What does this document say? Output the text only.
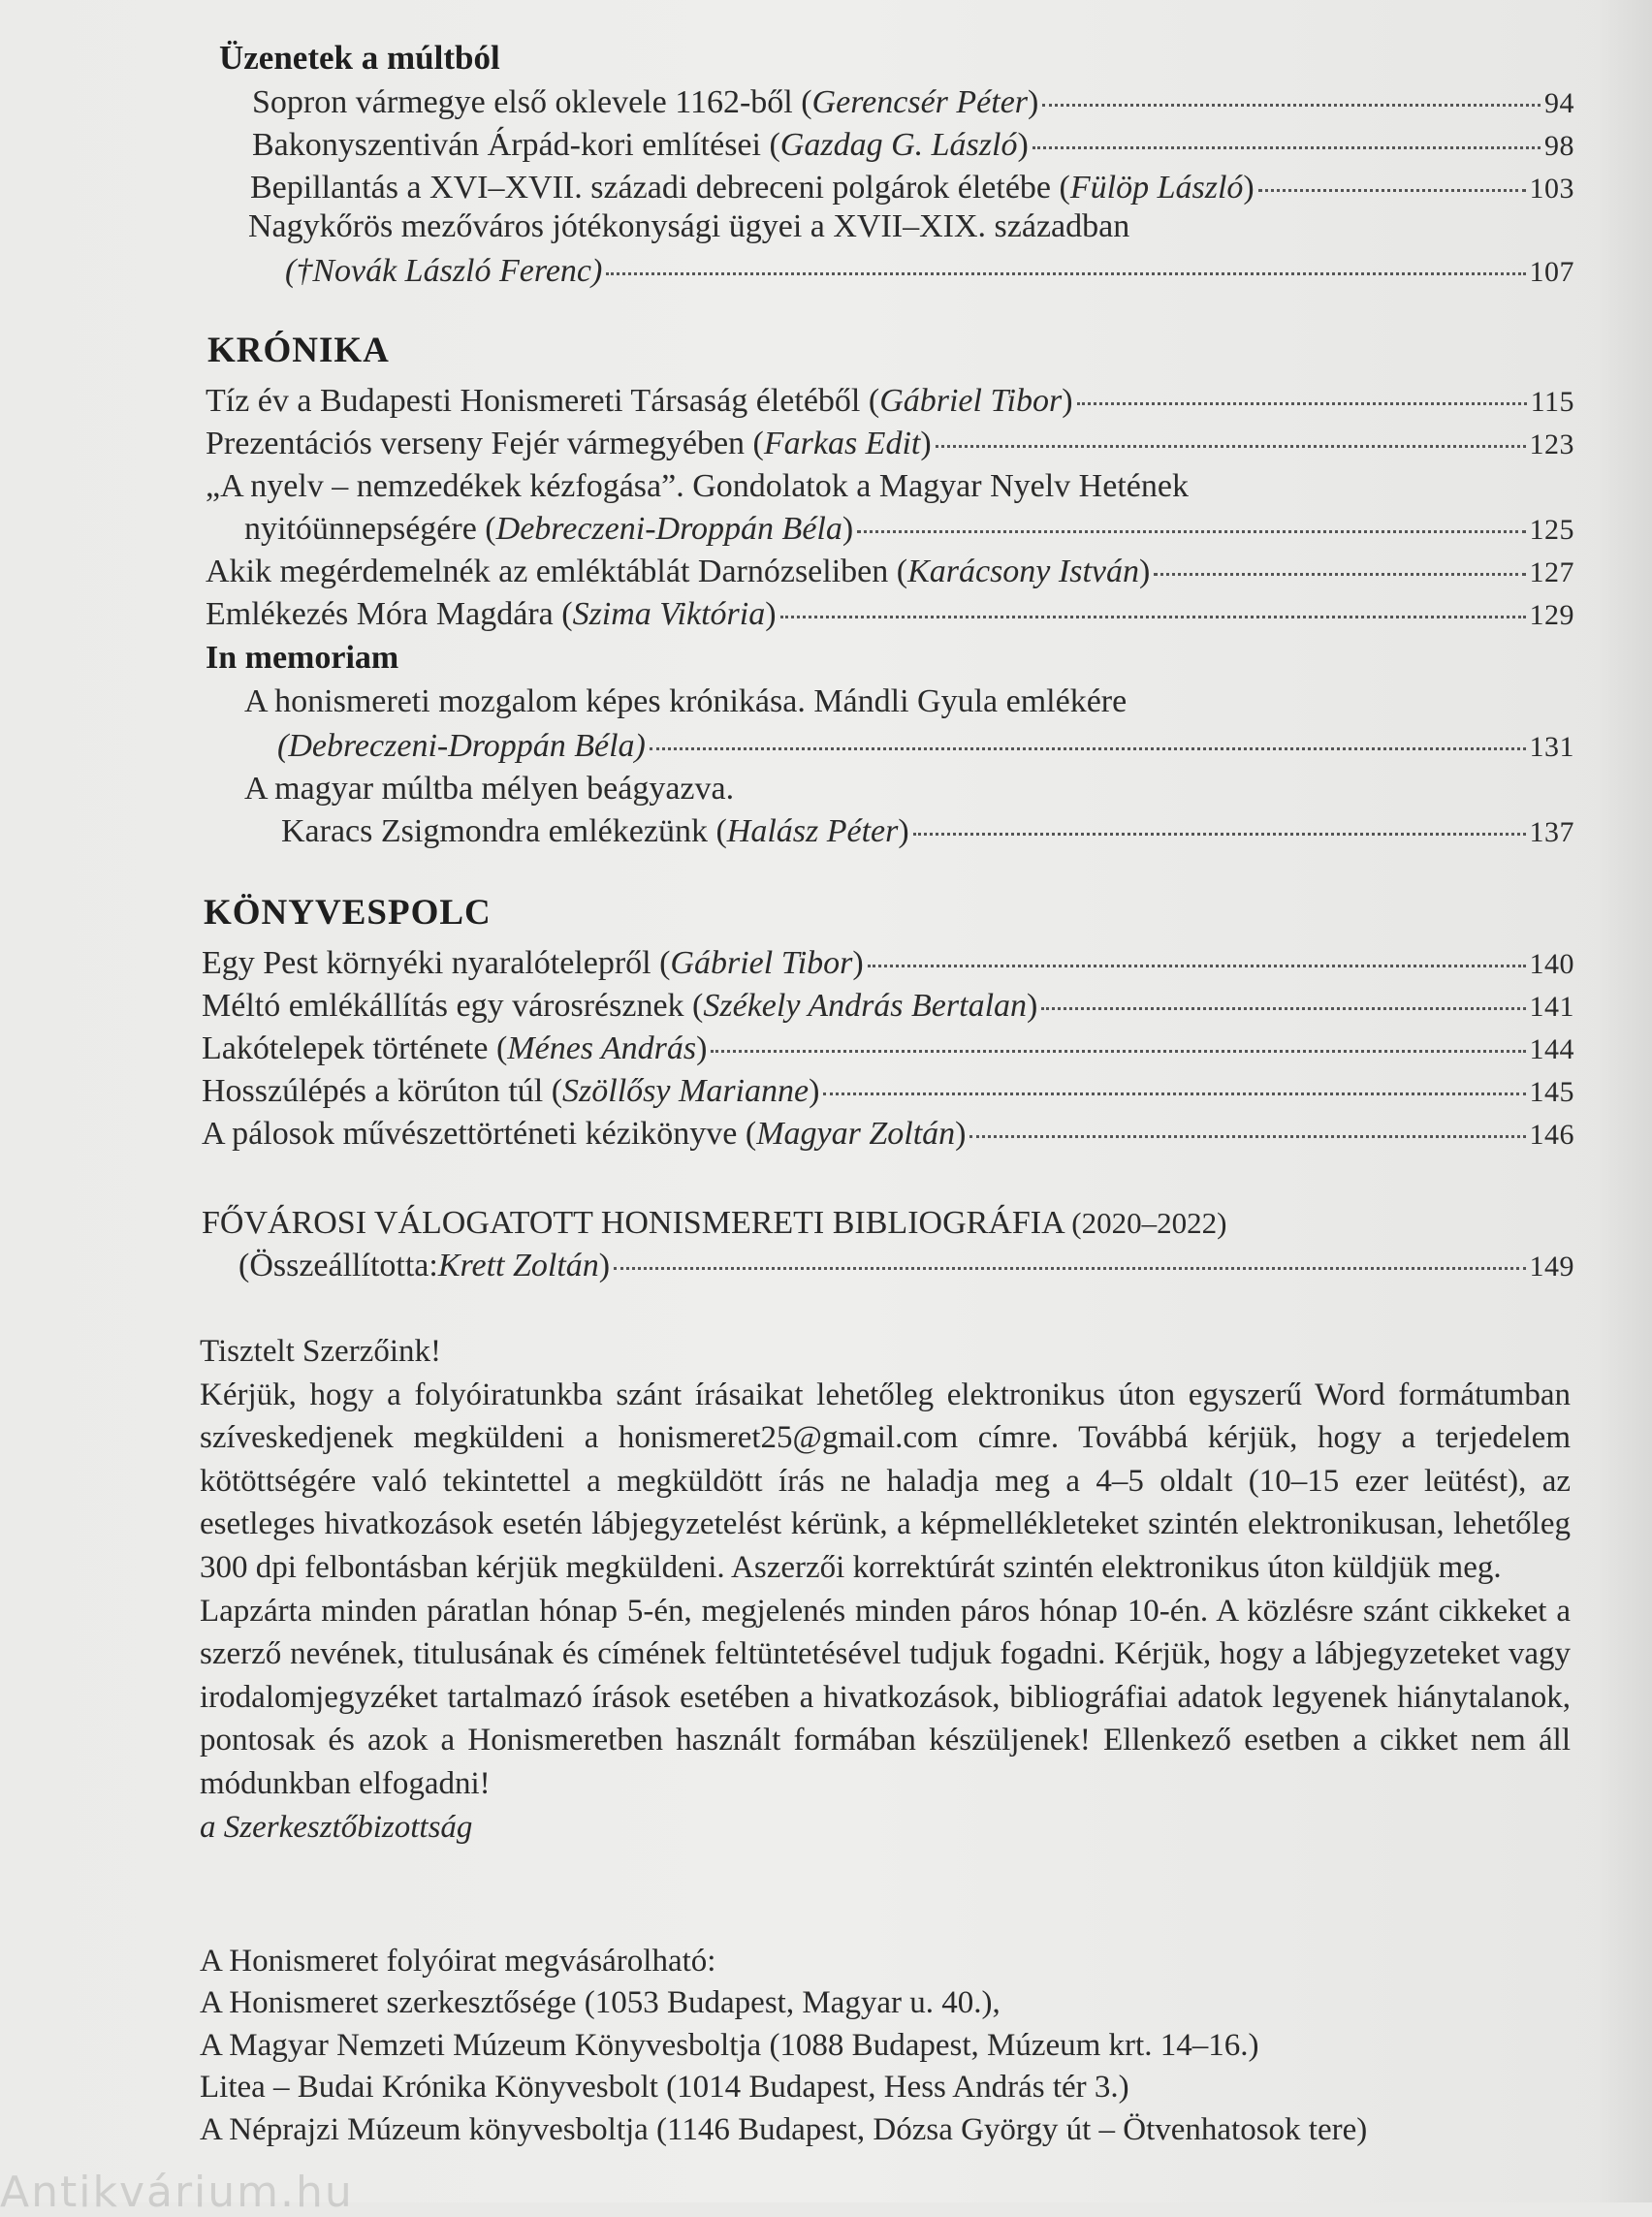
Üzenetek a múltból
Sopron vármegye első oklevele 1162-ből ( Gerencsér Péter )	94
Bakonyszentiván Árpád-kori említései ( Gazdag G. László )	98
Bepillantás a XVI–XVII. századi debreceni polgárok életébe ( Fülöp László )	103
Nagykőrös mezőváros jótékonysági ügyei a XVII–XIX. században
(†Novák László Ferenc)	107
KRÓNIKA
Tíz év a Budapesti Honismereti Társaság életéből ( Gábriel Tibor )	115
Prezentációs verseny Fejér vármegyében ( Farkas Edit )	123
„A nyelv – nemzedékek kézfogása”. Gondolatok a Magyar Nyelv Hetének
nyitóünnepségére ( Debreczeni-Droppán Béla )	125
Akik megérdemelnék az emléktáblát Darnózseliben ( Karácsony István )	127
Emlékezés Móra Magdára ( Szima Viktória )	129
In memoriam
A honismereti mozgalom képes krónikása. Mándli Gyula emlékére
(Debreczeni-Droppán Béla)	131
A magyar múltba mélyen beágyazva.
Karacs Zsigmondra emlékezünk ( Halász Péter )	137
KÖNYVESPOLC
Egy Pest környéki nyaralótelepről ( Gábriel Tibor )	140
Méltó emlékállítás egy városrésznek ( Székely András Bertalan )	141
Lakótelepek története ( Ménes András )	144
Hosszúlépés a körúton túl ( Szöllősy Marianne )	145
A pálosok művészettörténeti kézikönyve ( Magyar Zoltán )	146
FŐVÁROSI VÁLOGATOTT HONISMERETI BIBLIOGRÁFIA (2020–2022)
(Összeállította: Krett Zoltán )	149

Tisztelt Szerzőink!

Kérjük, hogy a folyóiratunkba szánt írásaikat lehetőleg elektronikus úton egyszerű Word formátumban szíveskedjenek megküldeni a honismeret25@gmail.com címre. Továbbá kérjük, hogy a terjedelem kötöttségére való tekintettel a megküldött írás ne haladja meg a 4–5 oldalt (10–15 ezer leütést), az esetleges hivatkozások esetén lábjegyzetelést kérünk, a képmellékleteket szintén elektronikusan, lehetőleg 300 dpi felbontásban kérjük megküldeni. Aszerzői korrektúrát szintén elektronikus úton küldjük meg.

Lapzárta minden páratlan hónap 5-én, megjelenés minden páros hónap 10-én. A közlésre szánt cikkeket a szerző nevének, titulusának és címének feltüntetésével tudjuk fogadni. Kérjük, hogy a lábjegyzeteket vagy irodalomjegyzéket tartalmazó írások esetében a hivatkozások, bibliográfiai adatok legyenek hiánytalanok, pontosak és azok a Honismeretben használt formában készüljenek! Ellenkező esetben a cikket nem áll módunkban elfogadni!

a Szerkesztőbizottság

A Honismeret folyóirat megvásárolható:

A Honismeret szerkesztősége (1053 Budapest, Magyar u. 40.),

A Magyar Nemzeti Múzeum Könyvesboltja (1088 Budapest, Múzeum krt. 14–16.)

Litea – Budai Krónika Könyvesbolt (1014 Budapest, Hess András tér 3.)

A Néprajzi Múzeum könyvesboltja (1146 Budapest, Dózsa György út – Ötvenhatosok tere)

Antikvárium.hu
